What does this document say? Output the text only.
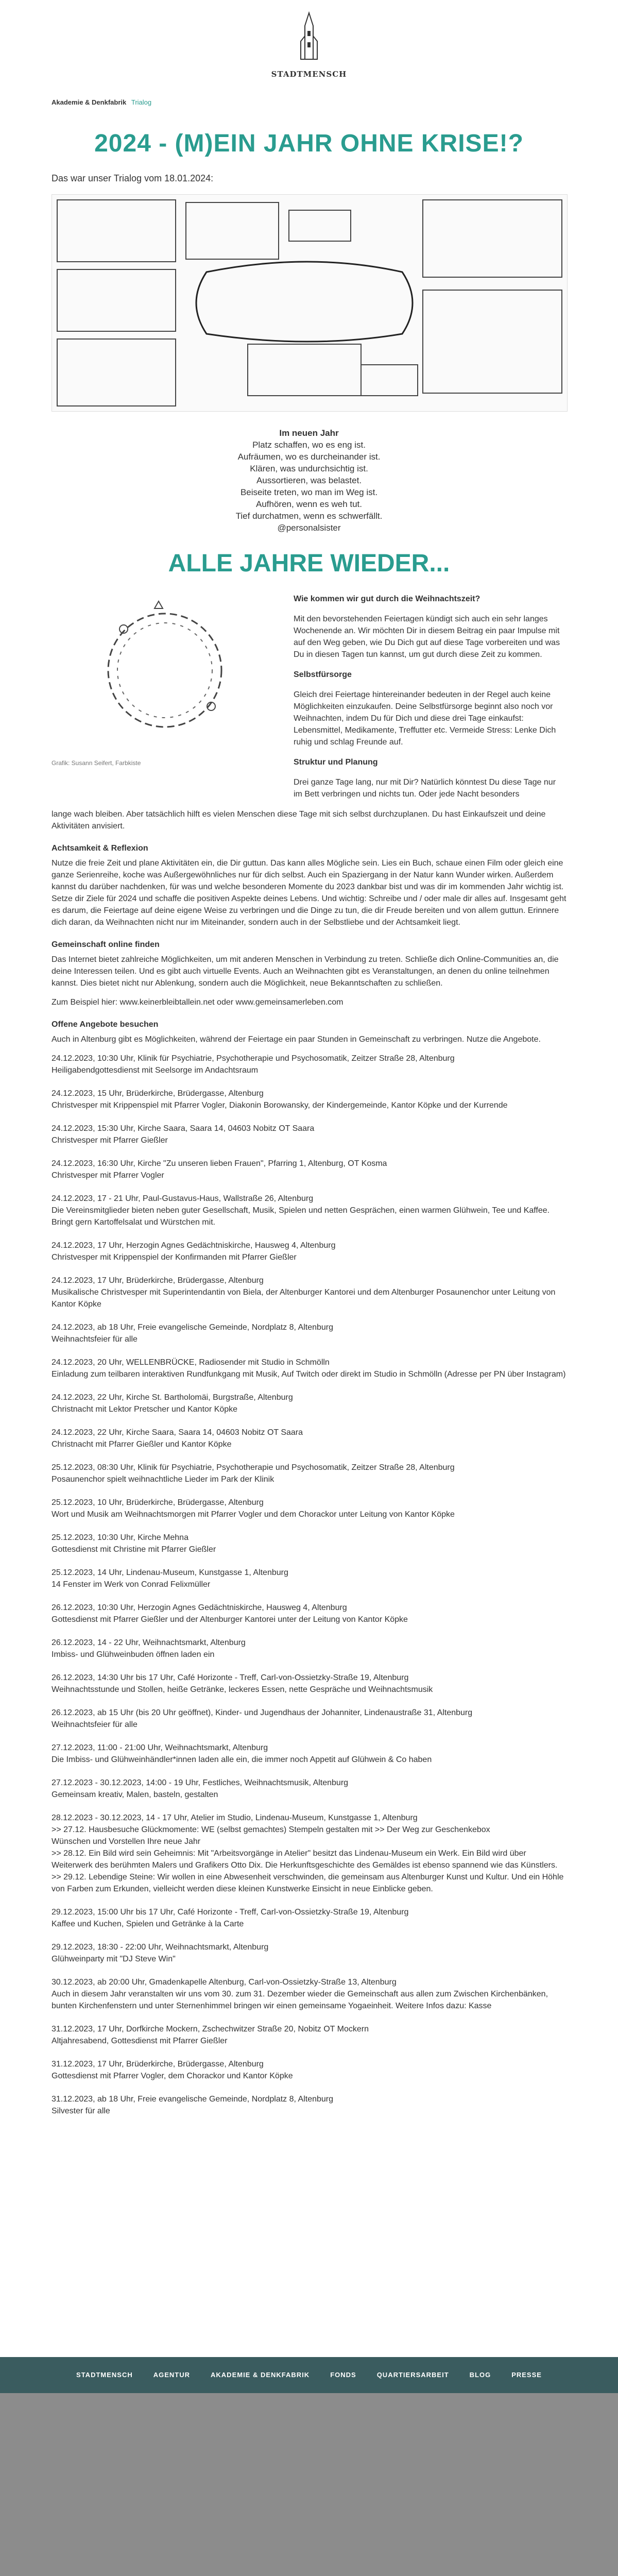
STADTMENSCH
Akademie & Denkfabrik Trialog
2024 - (M)EIN JAHR OHNE KRISE!?
Das war unser Trialog vom 18.01.2024:
Im neuen Jahr
Platz schaffen, wo es eng ist.
Aufräumen, wo es durcheinander ist.
Klären, was undurchsichtig ist.
Aussortieren, was belastet.
Beiseite treten, wo man im Weg ist.
Aufhören, wenn es weh tut.
Tief durchatmen, wenn es schwerfällt.
@personalsister
ALLE JAHRE WIEDER...
Grafik: Susann Seifert, Farbkiste
Wie kommen wir gut durch die Weihnachtszeit?

Mit den bevorstehenden Feiertagen kündigt sich auch ein sehr langes Wochenende an. Wir möchten Dir in diesem Beitrag ein paar Impulse mit auf den Weg geben, wie Du Dich gut auf diese Tage vorbereiten und was Du in diesen Tagen tun kannst, um gut durch diese Zeit zu kommen.

Selbstfürsorge

Gleich drei Feiertage hintereinander bedeuten in der Regel auch keine Möglichkeiten einzukaufen. Deine Selbstfürsorge beginnt also noch vor Weihnachten, indem Du für Dich und diese drei Tage einkaufst: Lebensmittel, Medikamente, Treffutter etc. Vermeide Stress: Lenke Dich ruhig und schlag Freunde auf.

Struktur und Planung

Drei ganze Tage lang, nur mit Dir? Natürlich könntest Du diese Tage nur im Bett verbringen und nichts tun. Oder jede Nacht besonders

lange wach bleiben. Aber tatsächlich hilft es vielen Menschen diese Tage mit sich selbst durchzuplanen. Du hast Einkaufszeit und deine Aktivitäten anvisiert.

Achtsamkeit & Reflexion

Nutze die freie Zeit und plane Aktivitäten ein, die Dir guttun. Das kann alles Mögliche sein. Lies ein Buch, schaue einen Film oder gleich eine ganze Serienreihe, koche was Außergewöhnliches nur für dich selbst. Auch ein Spaziergang in der Natur kann Wunder wirken. Außerdem kannst du darüber nachdenken, für was und welche besonderen Momente du 2023 dankbar bist und was dir im kommenden Jahr wichtig ist. Setze dir Ziele für 2024 und schaffe die positiven Aspekte deines Lebens. Und wichtig: Schreibe und / oder male dir alles auf. Insgesamt geht es darum, die Feiertage auf deine eigene Weise zu verbringen und die Dinge zu tun, die dir Freude bereiten und von allem guttun. Erinnere dich daran, da Weihnachten nicht nur im Miteinander, sondern auch in der Selbstliebe und der Achtsamkeit liegt.

Gemeinschaft online finden

Das Internet bietet zahlreiche Möglichkeiten, um mit anderen Menschen in Verbindung zu treten. Schließe dich Online-Communities an, die deine Interessen teilen. Und es gibt auch virtuelle Events. Auch an Weihnachten gibt es Veranstaltungen, an denen du online teilnehmen kannst. Dies bietet nicht nur Ablenkung, sondern auch die Möglichkeit, neue Bekanntschaften zu schließen.

Zum Beispiel hier: www.keinerbleibtallein.net oder www.gemeinsamerleben.com

Offene Angebote besuchen

Auch in Altenburg gibt es Möglichkeiten, während der Feiertage ein paar Stunden in Gemeinschaft zu verbringen. Nutze die Angebote.

24.12.2023, 10:30 Uhr, Klinik für Psychiatrie, Psychotherapie und Psychosomatik, Zeitzer Straße 28, Altenburg
Heiligabendgottesdienst mit Seelsorge im Andachtsraum
24.12.2023, 15 Uhr, Brüderkirche, Brüdergasse, Altenburg
Christvesper mit Krippenspiel mit Pfarrer Vogler, Diakonin Borowansky, der Kindergemeinde, Kantor Köpke und der Kurrende
24.12.2023, 15:30 Uhr, Kirche Saara, Saara 14, 04603 Nobitz OT Saara
Christvesper mit Pfarrer Gießler
24.12.2023, 16:30 Uhr, Kirche "Zu unseren lieben Frauen", Pfarring 1, Altenburg, OT Kosma
Christvesper mit Pfarrer Vogler
24.12.2023, 17 - 21 Uhr, Paul-Gustavus-Haus, Wallstraße 26, Altenburg
Die Vereinsmitglieder bieten neben guter Gesellschaft, Musik, Spielen und netten Gesprächen, einen warmen Glühwein, Tee und Kaffee. Bringt gern Kartoffelsalat und Würstchen mit.
24.12.2023, 17 Uhr, Herzogin Agnes Gedächtniskirche, Hausweg 4, Altenburg
Christvesper mit Krippenspiel der Konfirmanden mit Pfarrer Gießler
24.12.2023, 17 Uhr, Brüderkirche, Brüdergasse, Altenburg
Musikalische Christvesper mit Superintendantin von Biela, der Altenburger Kantorei und dem Altenburger Posaunenchor unter Leitung von Kantor Köpke
24.12.2023, ab 18 Uhr, Freie evangelische Gemeinde, Nordplatz 8, Altenburg
Weihnachtsfeier für alle
24.12.2023, 20 Uhr, WELLENBRÜCKE, Radiosender mit Studio in Schmölln
Einladung zum teilbaren interaktiven Rundfunkgang mit Musik, Auf Twitch oder direkt im Studio in Schmölln (Adresse per PN über Instagram)
24.12.2023, 22 Uhr, Kirche St. Bartholomäi, Burgstraße, Altenburg
Christnacht mit Lektor Pretscher und Kantor Köpke
24.12.2023, 22 Uhr, Kirche Saara, Saara 14, 04603 Nobitz OT Saara
Christnacht mit Pfarrer Gießler und Kantor Köpke
25.12.2023, 08:30 Uhr, Klinik für Psychiatrie, Psychotherapie und Psychosomatik, Zeitzer Straße 28, Altenburg
Posaunenchor spielt weihnachtliche Lieder im Park der Klinik
25.12.2023, 10 Uhr, Brüderkirche, Brüdergasse, Altenburg
Wort und Musik am Weihnachtsmorgen mit Pfarrer Vogler und dem Chorackor unter Leitung von Kantor Köpke
25.12.2023, 10:30 Uhr, Kirche Mehna
Gottesdienst mit Christine mit Pfarrer Gießler
25.12.2023, 14 Uhr, Lindenau-Museum, Kunstgasse 1, Altenburg
14 Fenster im Werk von Conrad Felixmüller
26.12.2023, 10:30 Uhr, Herzogin Agnes Gedächtniskirche, Hausweg 4, Altenburg
Gottesdienst mit Pfarrer Gießler und der Altenburger Kantorei unter der Leitung von Kantor Köpke
26.12.2023, 14 - 22 Uhr, Weihnachtsmarkt, Altenburg
Imbiss- und Glühweinbuden öffnen laden ein
26.12.2023, 14:30 Uhr bis 17 Uhr, Café Horizonte - Treff, Carl-von-Ossietzky-Straße 19, Altenburg
Weihnachtsstunde und Stollen, heiße Getränke, leckeres Essen, nette Gespräche und Weihnachtsmusik
26.12.2023, ab 15 Uhr (bis 20 Uhr geöffnet), Kinder- und Jugendhaus der Johanniter, Lindenaustraße 31, Altenburg
Weihnachtsfeier für alle
27.12.2023, 11:00 - 21:00 Uhr, Weihnachtsmarkt, Altenburg
Die Imbiss- und Glühweinhändler*innen laden alle ein, die immer noch Appetit auf Glühwein & Co haben
27.12.2023 - 30.12.2023, 14:00 - 19 Uhr, Festliches, Weihnachtsmusik, Altenburg
Gemeinsam kreativ, Malen, basteln, gestalten
28.12.2023 - 30.12.2023, 14 - 17 Uhr, Atelier im Studio, Lindenau-Museum, Kunstgasse 1, Altenburg
>> 27.12. Hausbesuche Glückmomente: WE (selbst gemachtes) Stempeln gestalten mit >> Der Weg zur Geschenkebox
Wünschen und Vorstellen Ihre neue Jahr
>> 28.12. Ein Bild wird sein Geheimnis: Mit "Arbeitsvorgänge in Atelier" besitzt das Lindenau-Museum ein Werk. Ein Bild wird über Weiterwerk des berühmten Malers und Grafikers Otto Dix. Die Herkunftsgeschichte des Gemäldes ist ebenso spannend wie das Künstlers.
>> 29.12. Lebendige Steine: Wir wollen in eine Abwesenheit verschwinden, die gemeinsam aus Altenburger Kunst und Kultur. Und ein Höhle von Farben zum Erkunden, vielleicht werden diese kleinen Kunstwerke Einsicht in neue Einblicke geben.
29.12.2023, 15:00 Uhr bis 17 Uhr, Café Horizonte - Treff, Carl-von-Ossietzky-Straße 19, Altenburg
Kaffee und Kuchen, Spielen und Getränke à la Carte
29.12.2023, 18:30 - 22:00 Uhr, Weihnachtsmarkt, Altenburg
Glühweinparty mit "DJ Steve Win"
30.12.2023, ab 20:00 Uhr, Gmadenkapelle Altenburg, Carl-von-Ossietzky-Straße 13, Altenburg
Auch in diesem Jahr veranstalten wir uns vom 30. zum 31. Dezember wieder die Gemeinschaft aus allen zum Zwischen Kirchenbänken, bunten Kirchenfenstern und unter Sternenhimmel bringen wir einen gemeinsame Yogaeinheit. Weitere Infos dazu: Kasse
31.12.2023, 17 Uhr, Dorfkirche Mockern, Zschechwitzer Straße 20, Nobitz OT Mockern
Altjahresabend, Gottesdienst mit Pfarrer Gießler
31.12.2023, 17 Uhr, Brüderkirche, Brüdergasse, Altenburg
Gottesdienst mit Pfarrer Vogler, dem Chorackor und Kantor Köpke
31.12.2023, ab 18 Uhr, Freie evangelische Gemeinde, Nordplatz 8, Altenburg
Silvester für alle
STADTMENSCH	AGENTUR	AKADEMIE & DENKFABRIK	FONDS	QUARTIERSARBEIT	BLOG	PRESSE
